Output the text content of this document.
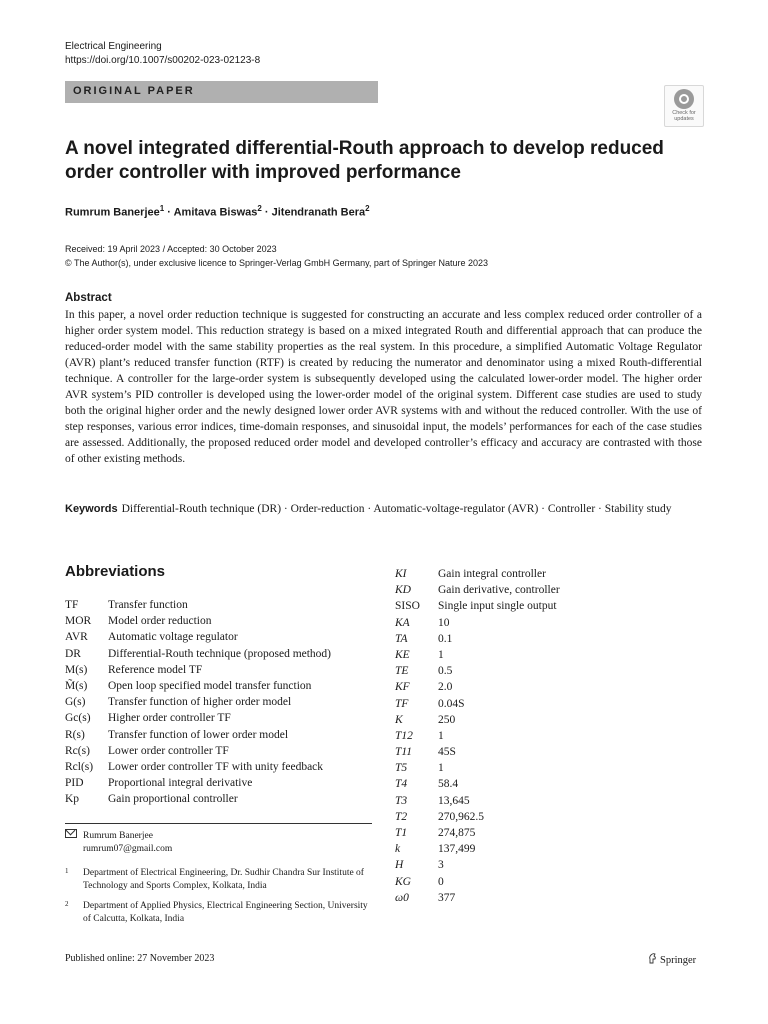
Electrical Engineering
https://doi.org/10.1007/s00202-023-02123-8
ORIGINAL PAPER
Check for
updates
A novel integrated differential-Routh approach to develop reduced order controller with improved performance
Rumrum Banerjee$^1$ · Amitava Biswas$^2$ · Jitendranath Bera$^2$
Received: 19 April 2023 / Accepted: 30 October 2023
© The Author(s), under exclusive licence to Springer-Verlag GmbH Germany, part of Springer Nature 2023
Abstract
In this paper, a novel order reduction technique is suggested for constructing an accurate and less complex reduced order controller of a higher order system model. This reduction strategy is based on a mixed integrated Routh and differential approach that can produce the reduced-order model with the same stability properties as the real system. In this procedure, a simplified Automatic Voltage Regulator (AVR) plant’s reduced transfer function (RTF) is created by reducing the numerator and denominator using a mixed Routh-differential technique. A controller for the large-order system is subsequently developed using the calculated lower-order model. The higher order AVR system’s PID controller is developed using the lower-order model of the original system. Different case studies are used to study both the original higher order and the newly designed lower order AVR systems with and without the reduced controller. With the use of step responses, various error indices, time-domain responses, and sinusoidal input, the models’ performances for each of the case studies are assessed. Additionally, the proposed reduced order model and developed controller’s efficacy and accuracy are contrasted with those of other existing methods.
Keywords Differential-Routh technique (DR) · Order-reduction · Automatic-voltage-regulator (AVR) · Controller · Stability study
Abbreviations
TF	Transfer function
MOR Model order reduction
AVR Automatic voltage regulator
DR Differential-Routh technique (proposed method)
M(s) Reference model TF
M̃(s) Open loop specified model transfer function
G(s) Transfer function of higher order model
Gc(s) Higher order controller TF
R(s) Transfer function of lower order model
Rc(s) Lower order controller TF
Rcl(s) Lower order controller TF with unity feedback
PID Proportional integral derivative
Kp	Gain proportional controller
Rumrum Banerjee
rumrum07@gmail.com
1 Department of Electrical Engineering, Dr. Sudhir Chandra Sur Institute of Technology and Sports Complex, Kolkata, India
2 Department of Applied Physics, Electrical Engineering Section, University of Calcutta, Kolkata, India
KI	Gain integral controller
KD Gain derivative, controller
SISO Single input single output
KA 10
TA	0.1
KE 1
TE	0.5
KF 2.0
TF	0.04S
K	250
T12 1
T11 45S
T5	1
T4	58.4
T3	13,645
T2	270,962.5
T1	274,875
k	137,499
H	3
KG 0
ω0	377
Published online: 27 November 2023	Springer
